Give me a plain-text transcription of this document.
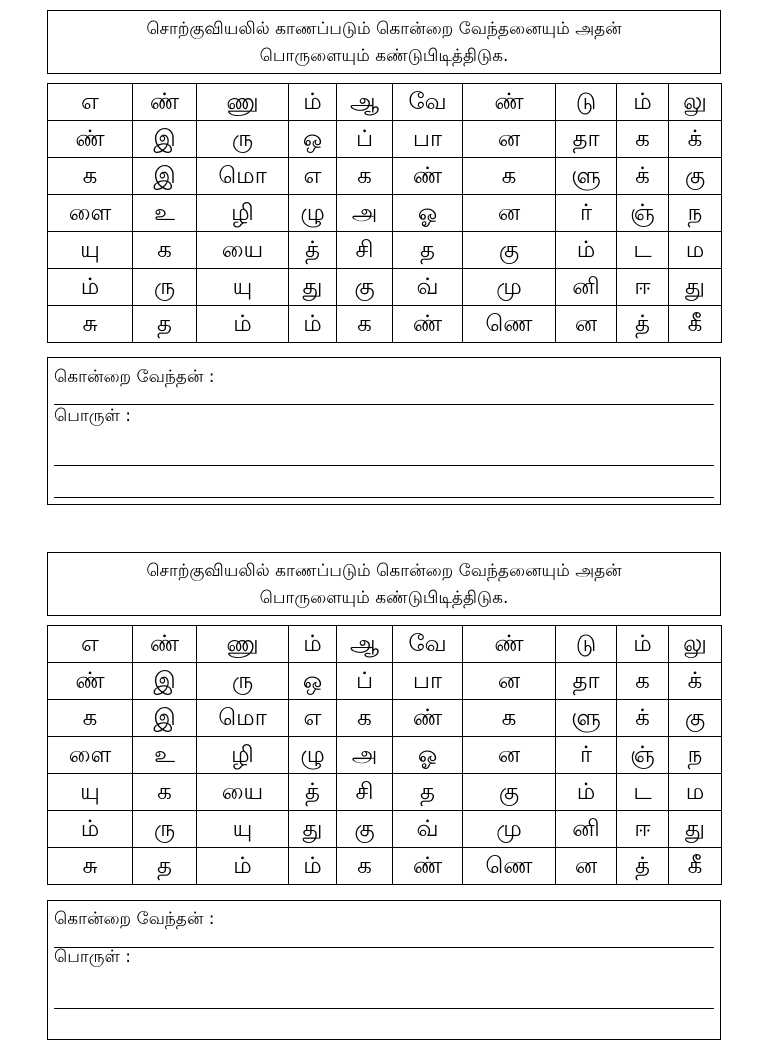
சொற்குவியலில் காணப்படும் கொன்றை வேந்தனையும் அதன்
பொருளையும் கண்டுபிடித்திடுக.
எ	ண்	ணு	ம்	ஆ	வே	ண்	டு	ம்	லு
ண்	இ	ரு	ஒ	ப்	பா	ன	தா	க	க்
க	இ	மொ	எ	க	ண்	க	ளு	க்	கு
ளை	உ	ழி	ழு	அ	ஓ	ன	ர்	ஞ்	ந
யு	க	யை	த்	சி	த	கு	ம்	ட	ம
ம்	ரு	யு	து	கு	வ்	மு	னி	ஈ	து
சு	த	ம்	ம்	க	ண்	ணெ	ன	த்	கீ
கொன்றை வேந்தன் :
பொருள் :
சொற்குவியலில் காணப்படும் கொன்றை வேந்தனையும் அதன்
பொருளையும் கண்டுபிடித்திடுக.
எ	ண்	ணு	ம்	ஆ	வே	ண்	டு	ம்	லு
ண்	இ	ரு	ஒ	ப்	பா	ன	தா	க	க்
க	இ	மொ	எ	க	ண்	க	ளு	க்	கு
ளை	உ	ழி	ழு	அ	ஓ	ன	ர்	ஞ்	ந
யு	க	யை	த்	சி	த	கு	ம்	ட	ம
ம்	ரு	யு	து	கு	வ்	மு	னி	ஈ	து
சு	த	ம்	ம்	க	ண்	ணெ	ன	த்	கீ
கொன்றை வேந்தன் :
பொருள் :
